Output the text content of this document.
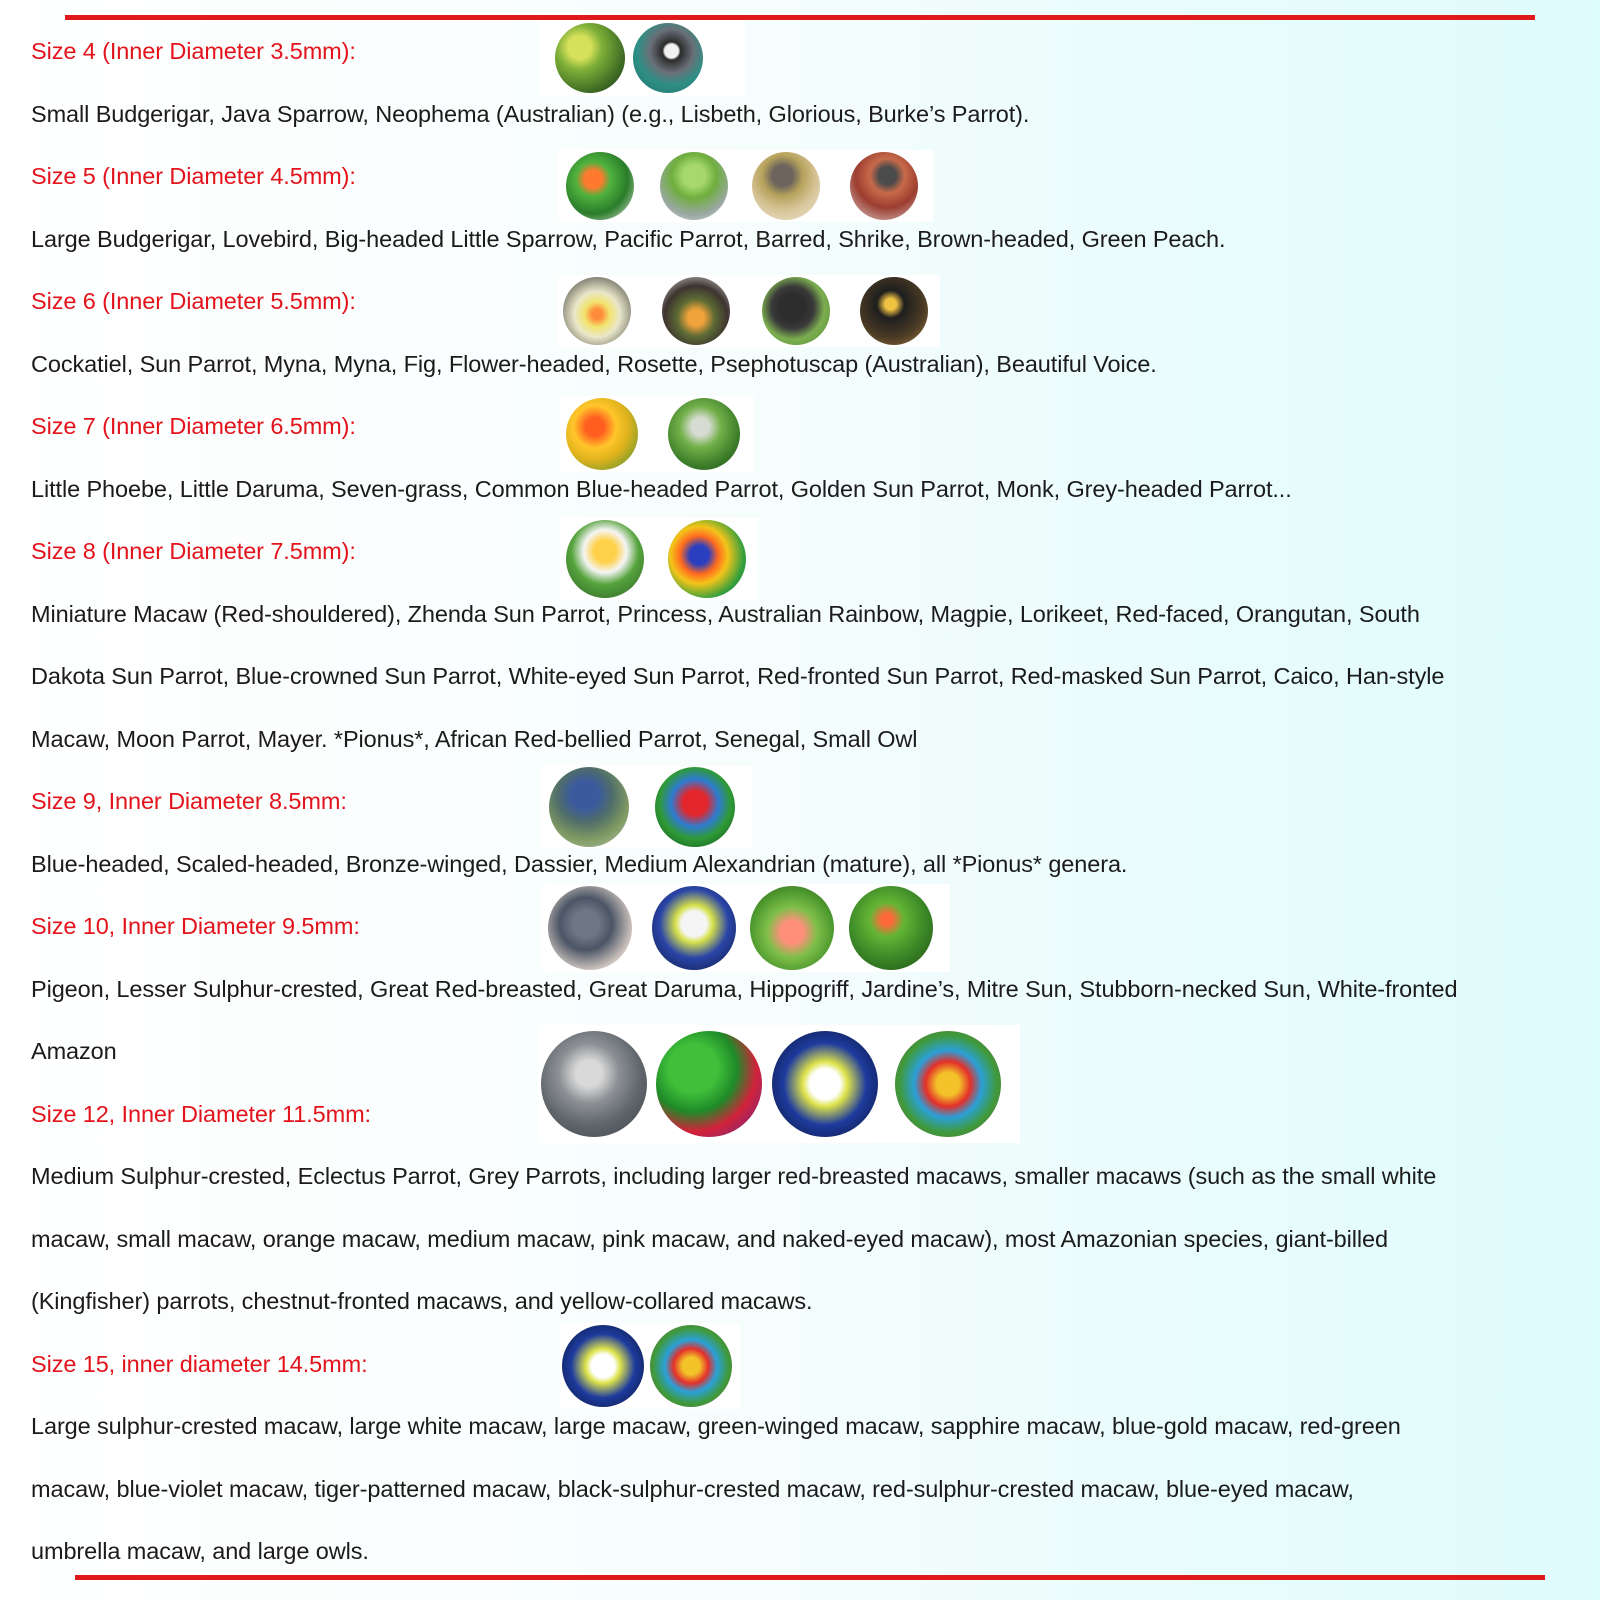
Size 4 (Inner Diameter 3.5mm):
Small Budgerigar, Java Sparrow, Neophema (Australian) (e.g., Lisbeth, Glorious, Burke’s Parrot).
Size 5 (Inner Diameter 4.5mm):
Large Budgerigar, Lovebird, Big-headed Little Sparrow, Pacific Parrot, Barred, Shrike, Brown-headed, Green Peach.
Size 6 (Inner Diameter 5.5mm):
Cockatiel, Sun Parrot, Myna, Myna, Fig, Flower-headed, Rosette, Psephotuscap (Australian), Beautiful Voice.
Size 7 (Inner Diameter 6.5mm):
Little Phoebe, Little Daruma, Seven-grass, Common Blue-headed Parrot, Golden Sun Parrot, Monk, Grey-headed Parrot...
Size 8 (Inner Diameter 7.5mm):
Miniature Macaw (Red-shouldered), Zhenda Sun Parrot, Princess, Australian Rainbow, Magpie, Lorikeet, Red-faced, Orangutan, South
Dakota Sun Parrot, Blue-crowned Sun Parrot, White-eyed Sun Parrot, Red-fronted Sun Parrot, Red-masked Sun Parrot, Caico, Han-style
Macaw, Moon Parrot, Mayer. *Pionus*, African Red-bellied Parrot, Senegal, Small Owl
Size 9, Inner Diameter 8.5mm:
Blue-headed, Scaled-headed, Bronze-winged, Dassier, Medium Alexandrian (mature), all *Pionus* genera.
Size 10, Inner Diameter 9.5mm:
Pigeon, Lesser Sulphur-crested, Great Red-breasted, Great Daruma, Hippogriff, Jardine’s, Mitre Sun, Stubborn-necked Sun, White-fronted
Amazon
Size 12, Inner Diameter 11.5mm:
Medium Sulphur-crested, Eclectus Parrot, Grey Parrots, including larger red-breasted macaws, smaller macaws (such as the small white
macaw, small macaw, orange macaw, medium macaw, pink macaw, and naked-eyed macaw), most Amazonian species, giant-billed
(Kingfisher) parrots, chestnut-fronted macaws, and yellow-collared macaws.
Size 15, inner diameter 14.5mm:
Large sulphur-crested macaw, large white macaw, large macaw, green-winged macaw, sapphire macaw, blue-gold macaw, red-green
macaw, blue-violet macaw, tiger-patterned macaw, black-sulphur-crested macaw, red-sulphur-crested macaw, blue-eyed macaw,
umbrella macaw, and large owls.
